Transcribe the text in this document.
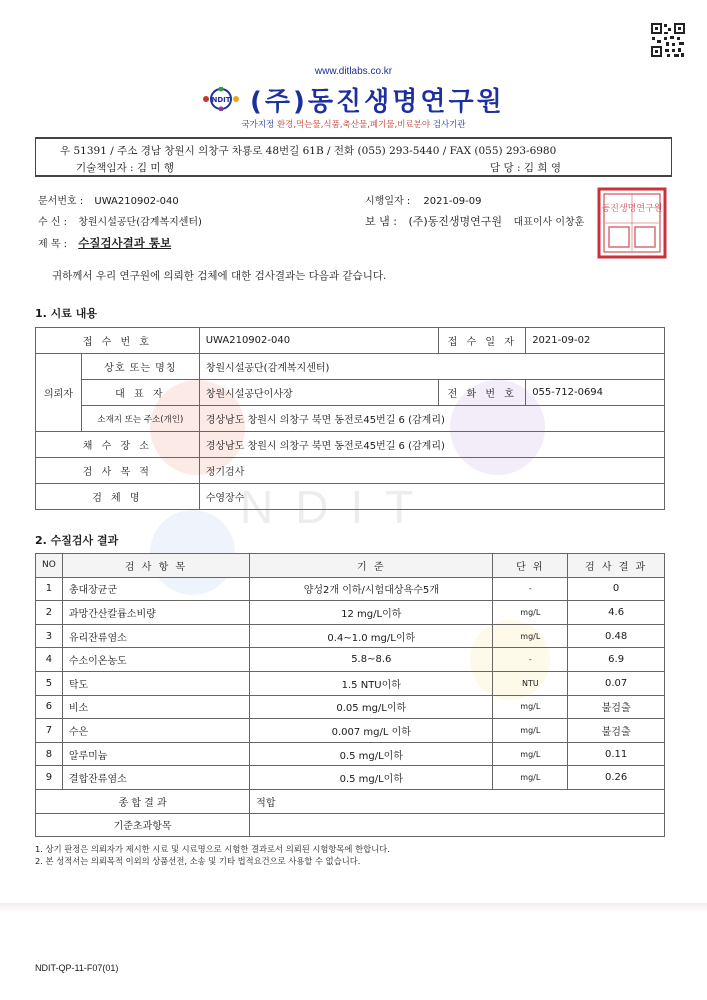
www.ditlabs.co.kr
NDIT (주)동진생명연구원
국가지정 환경,먹는물,식품,축산물,폐기물,비료분야 검사기관
우 51391 / 주소 경남 창원시 의창구 차룡로 48번길 61B / 전화 (055) 293-5440 / FAX (055) 293-6980
기술책임자 : 김 미 행	담 당 : 김 희 영
문서번호 : UWA210902-040	시행일자 : 2021-09-09
수 신 : 창원시설공단(감계복지센터)	보 냄 : (주)동진생명연구원 대표이사 이창훈
제 목 : 수질검사결과 통보
동진생명연구원
귀하께서 우리 연구원에 의뢰한 검체에 대한 검사결과는 다음과 같습니다.
NDIT
1. 시료 내용
접 수 번 호		UWA210902-040	접 수 일 자	2021-09-02
의뢰자	상호 또는 명칭	창원시설공단(감계복지센터)		
	대 표 자	창원시설공단이사장	전 화 번 호	055-712-0694
	소재지 또는 주소(개인)	경상남도 창원시 의창구 북면 동전로45번길 6 (감계리)		
채 수 장 소		경상남도 창원시 의창구 북면 동전로45번길 6 (감계리)		
검 사 목 적		정기검사		
검 체 명		수영장수		
2. 수질검사 결과
NO	검 사 항 목	기 준	단 위	검 사 결 과
1	총대장균군	양성2개 이하/시험대상욕수5개	-	0
2	과망간산칼륨소비량	12 mg/L이하	mg/L	4.6
3	유리잔류염소	0.4~1.0 mg/L이하	mg/L	0.48
4	수소이온농도	5.8~8.6	-	6.9
5	탁도	1.5 NTU이하	NTU	0.07
6	비소	0.05 mg/L이하	mg/L	불검출
7	수은	0.007 mg/L 이하	mg/L	불검출
8	알루미늄	0.5 mg/L이하	mg/L	0.11
9	결합잔류염소	0.5 mg/L이하	mg/L	0.26
종 합 결 과		적합		
기준초과항목				
1. 상기 판정은 의뢰자가 제시한 시료 및 시료명으로 시험한 결과로서 의뢰된 시험항목에 한합니다.
2. 본 성적서는 의뢰목적 이외의 상품선전, 소송 및 기타 법적요건으로 사용할 수 없습니다.
NDIT-QP-11-F07(01)
